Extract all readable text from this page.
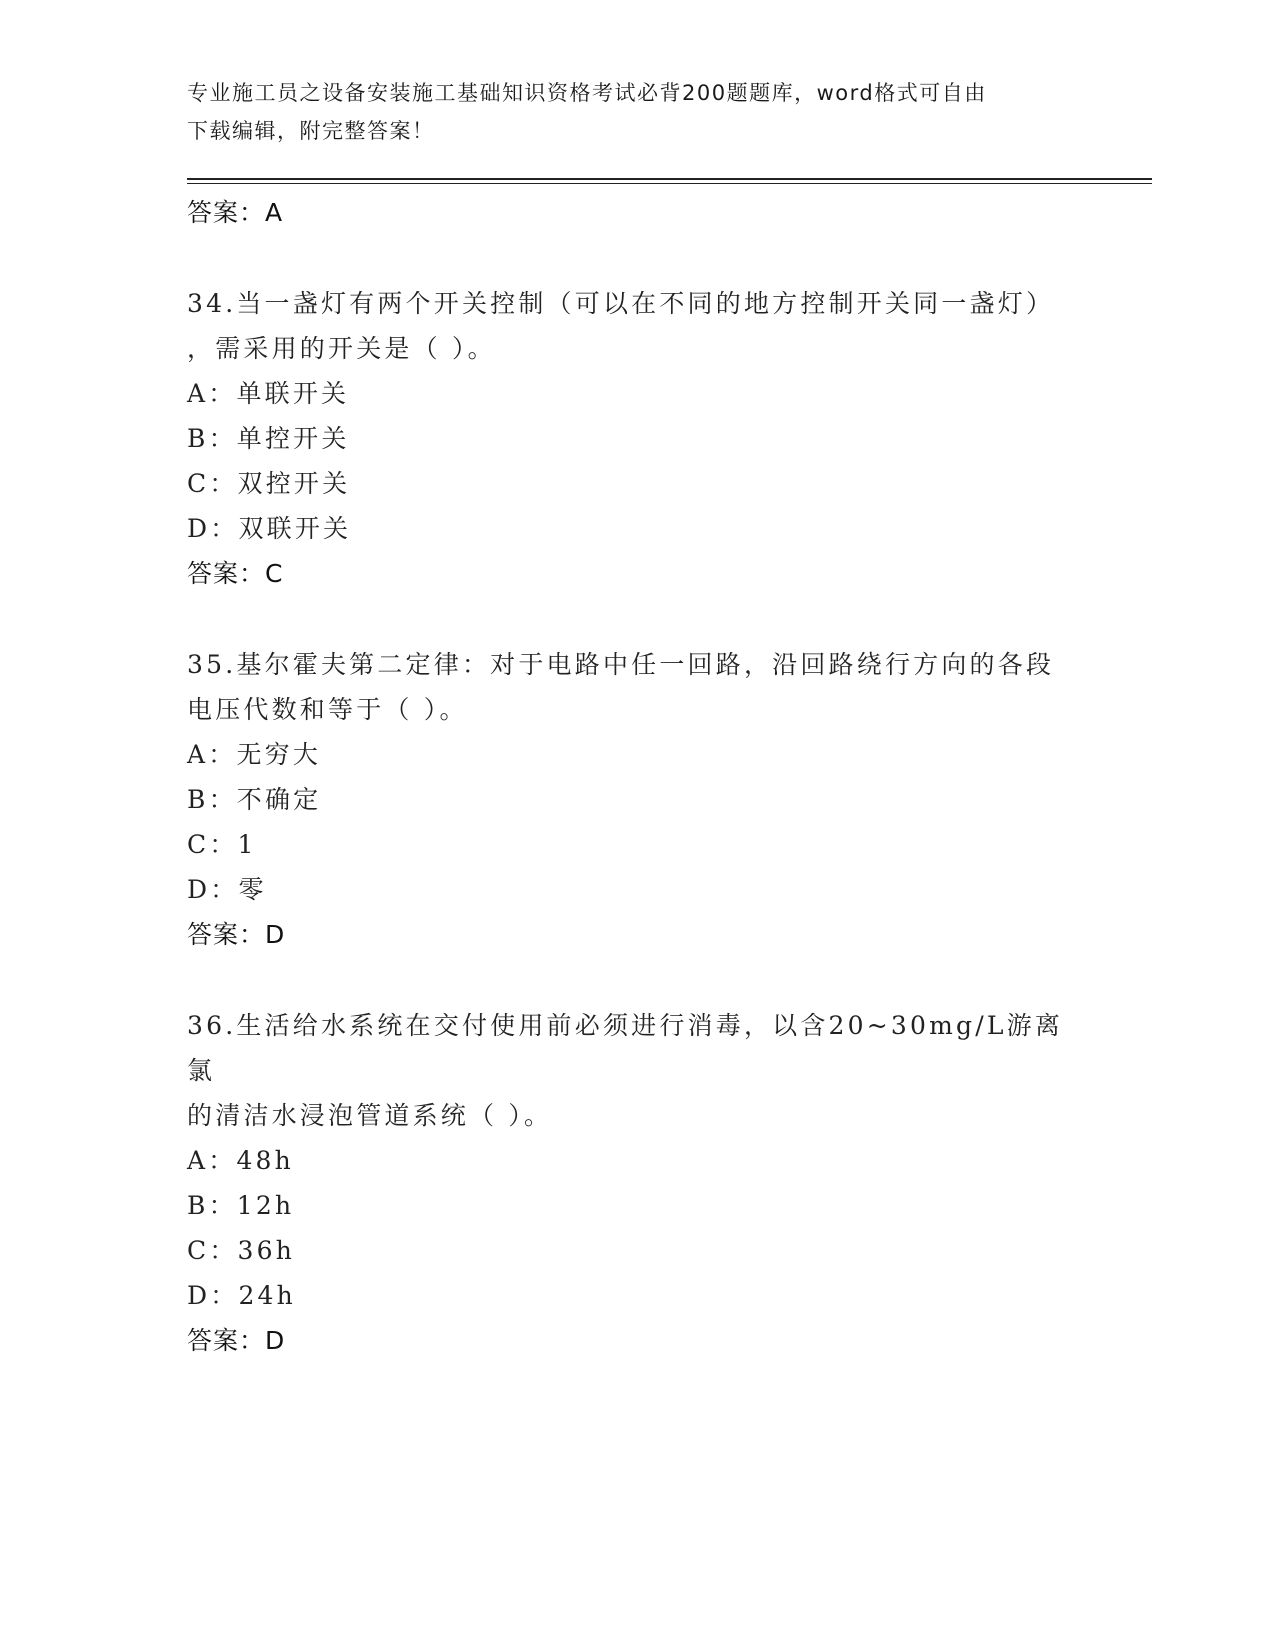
专业施工员之设备安装施工基础知识资格考试必背200题题库，word格式可自由
下载编辑，附完整答案！
答案：A
34.当一盏灯有两个开关控制（可以在不同的地方控制开关同一盏灯）
，需采用的开关是（ ）。
A：单联开关
B：单控开关
C：双控开关
D：双联开关
答案：C
35.基尔霍夫第二定律：对于电路中任一回路，沿回路绕行方向的各段
电压代数和等于（ ）。
A：无穷大
B：不确定
C：1
D：零
答案：D
36.生活给水系统在交付使用前必须进行消毒，以含20~30mg/L游离氯
的清洁水浸泡管道系统（ ）。
A：48h
B：12h
C：36h
D：24h
答案：D
